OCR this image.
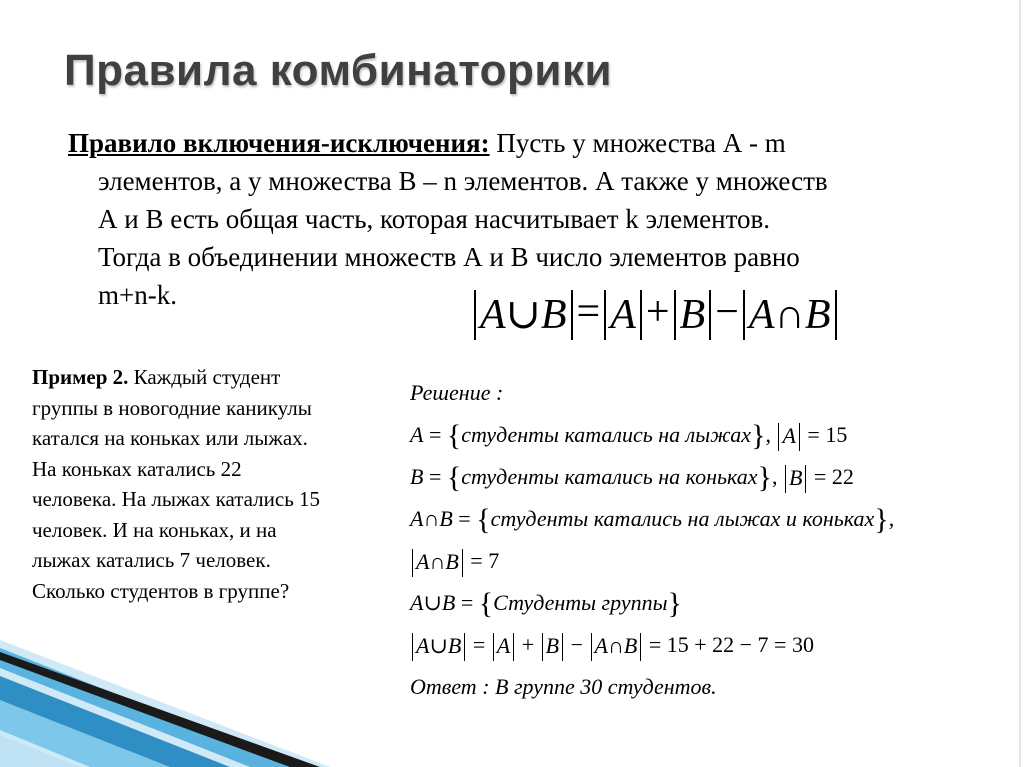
Правила комбинаторики
Правило включения-исключения: Пусть у множества А - m
элементов, а у множества В – n элементов. А также у множеств
А и В есть общая часть, которая насчитывает k элементов.
Тогда в объединении множеств А и В число элементов равно
m+n-k.	A∪B = A + B − A∩B
Пример 2. Каждый студент
группы в новогодние каникулы
катался на коньках или лыжах.
На коньках катались 22
человека. На лыжах катались 15
человек. И на коньках, и на
лыжах катались 7 человек.
Сколько студентов в группе?
Решение :
A = {студенты катались на лыжах}, A = 15
B = {студенты катались на коньках}, B = 22
A∩B = {студенты катались на лыжах и коньках},
A∩B = 7
A∪B = {Студенты группы}
A∪B = A + B − A∩B = 15 + 22 − 7 = 30
Ответ : В группе 30 студентов.
